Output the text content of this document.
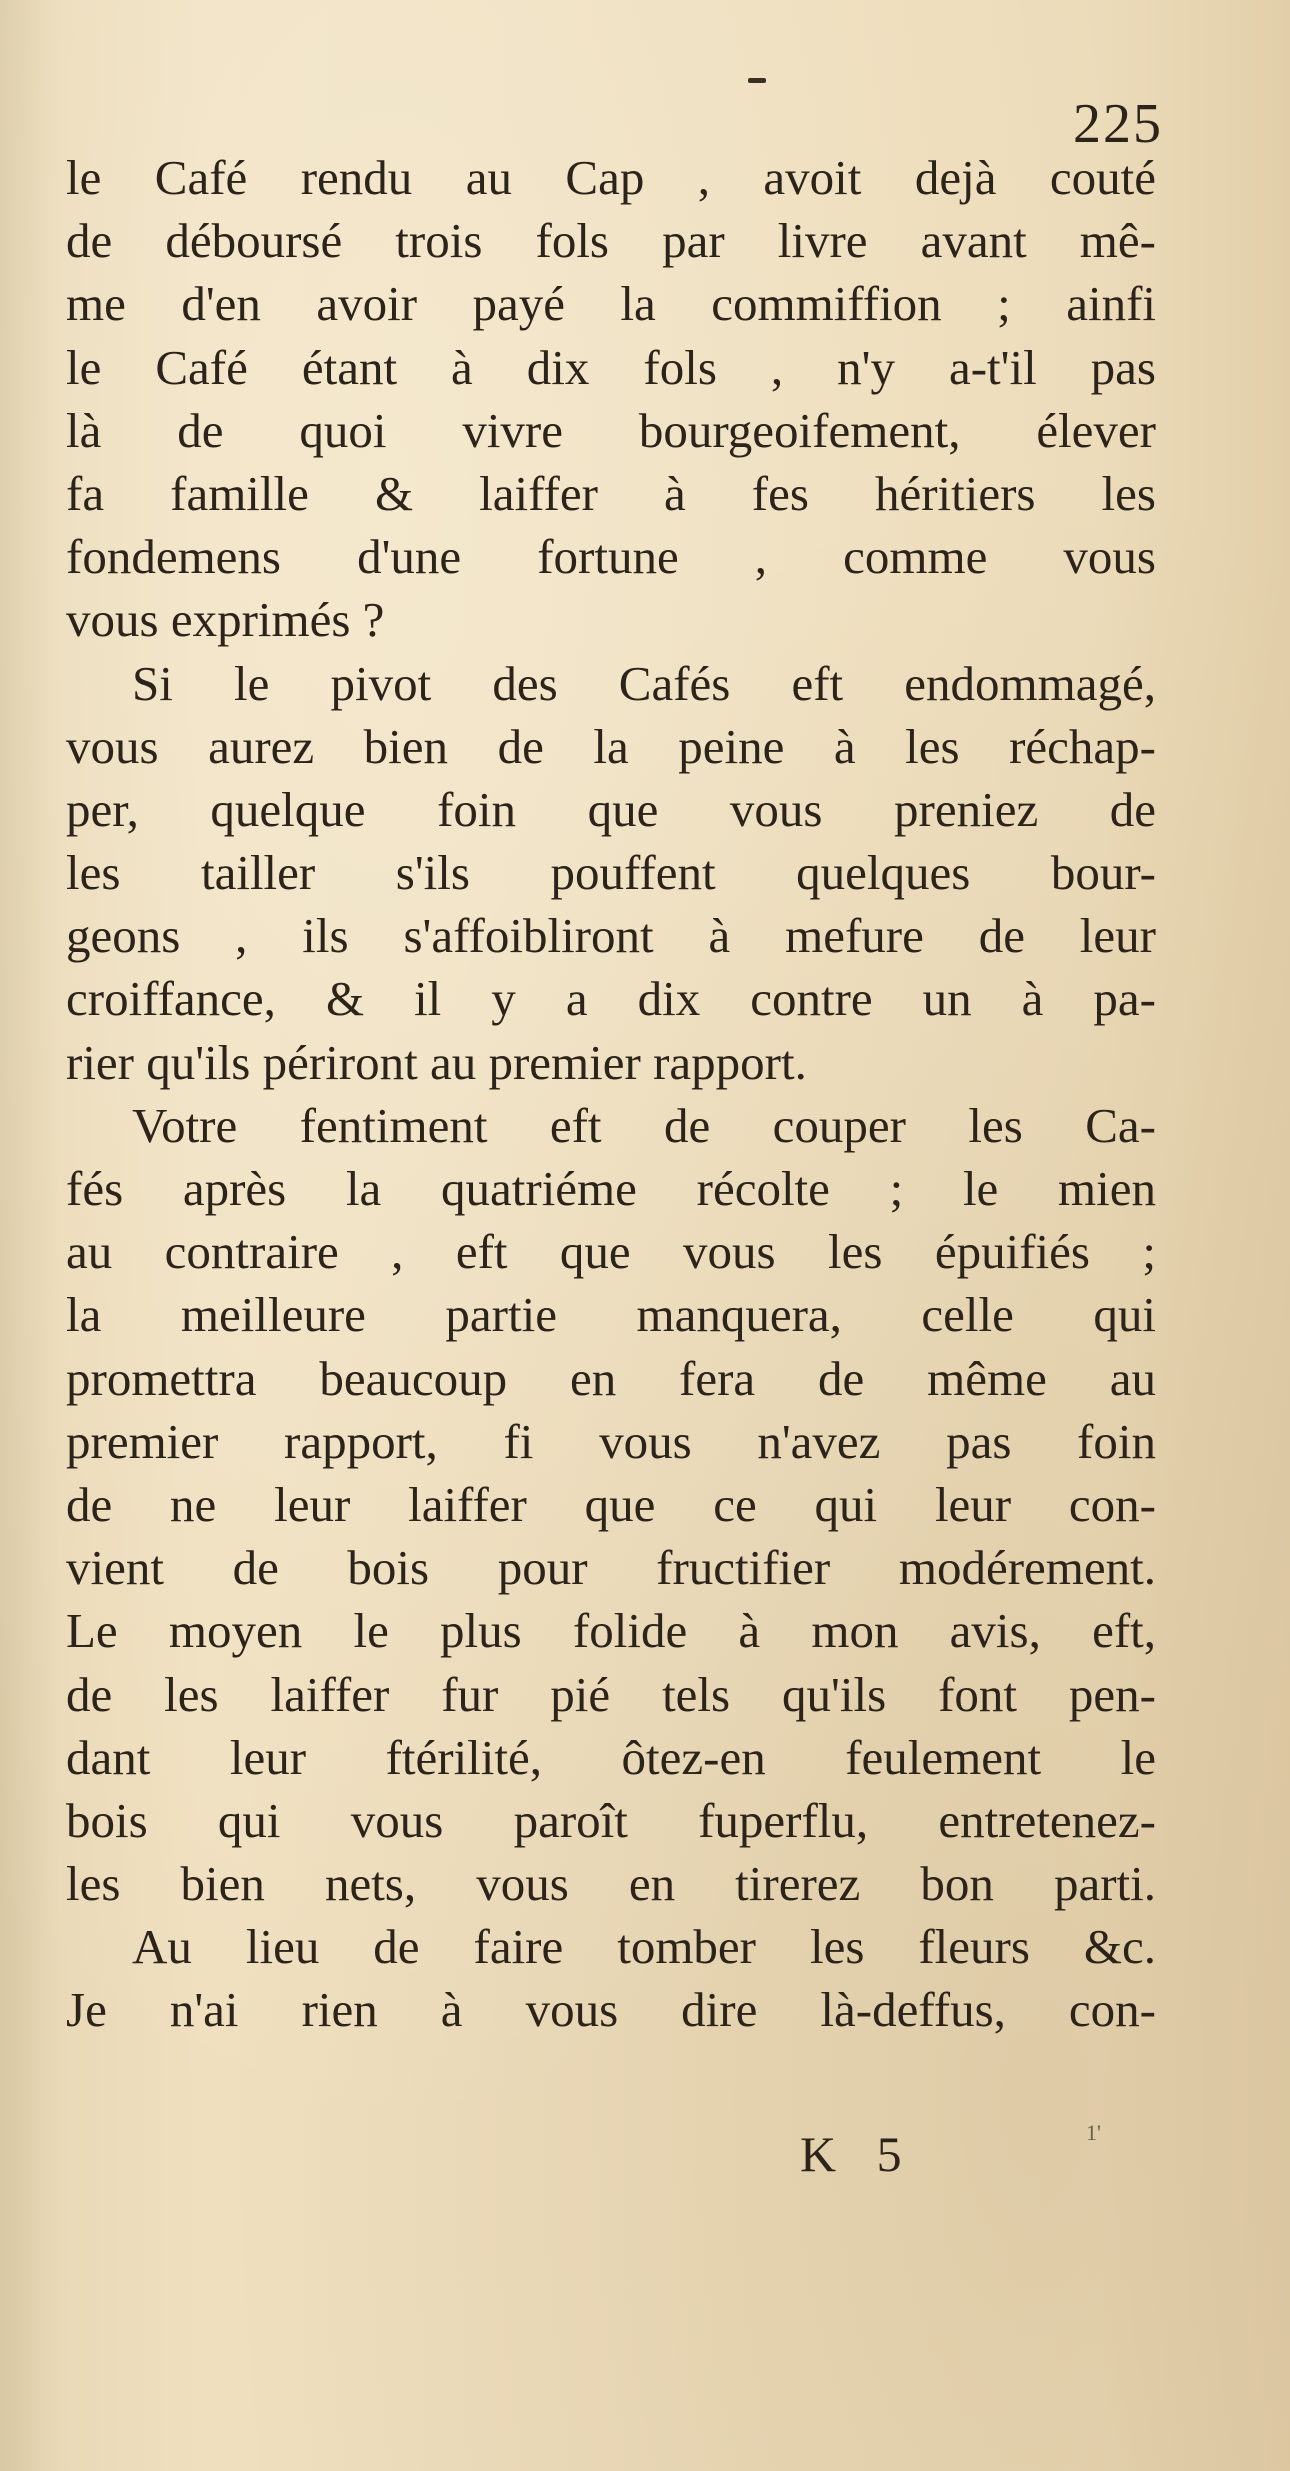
225
le Café rendu au Cap , avoit dejà couté
de déboursé trois fols par livre avant mê-
me d'en avoir payé la commiffion ; ainfi
le Café étant à dix fols , n'y a-t'il pas
là de quoi vivre bourgeoifement, élever
fa famille & laiffer à fes héritiers les
fondemens d'une fortune , comme vous
vous exprimés ?
Si le pivot des Cafés eft endommagé,
vous aurez bien de la peine à les réchap-
per, quelque foin que vous preniez de
les tailler s'ils pouffent quelques bour-
geons , ils s'affoibliront à mefure de leur
croiffance, & il y a dix contre un à pa-
rier qu'ils périront au premier rapport.
Votre fentiment eft de couper les Ca-
fés après la quatriéme récolte ; le mien
au contraire , eft que vous les épuifiés ;
la meilleure partie manquera, celle qui
promettra beaucoup en fera de même au
premier rapport, fi vous n'avez pas foin
de ne leur laiffer que ce qui leur con-
vient de bois pour fructifier modérement.
Le moyen le plus folide à mon avis, eft,
de les laiffer fur pié tels qu'ils font pen-
dant leur ftérilité, ôtez-en feulement le
bois qui vous paroît fuperflu, entretenez-
les bien nets, vous en tirerez bon parti.
Au lieu de faire tomber les fleurs &c.
Je n'ai rien à vous dire là-deffus, con-
K 5	1'
